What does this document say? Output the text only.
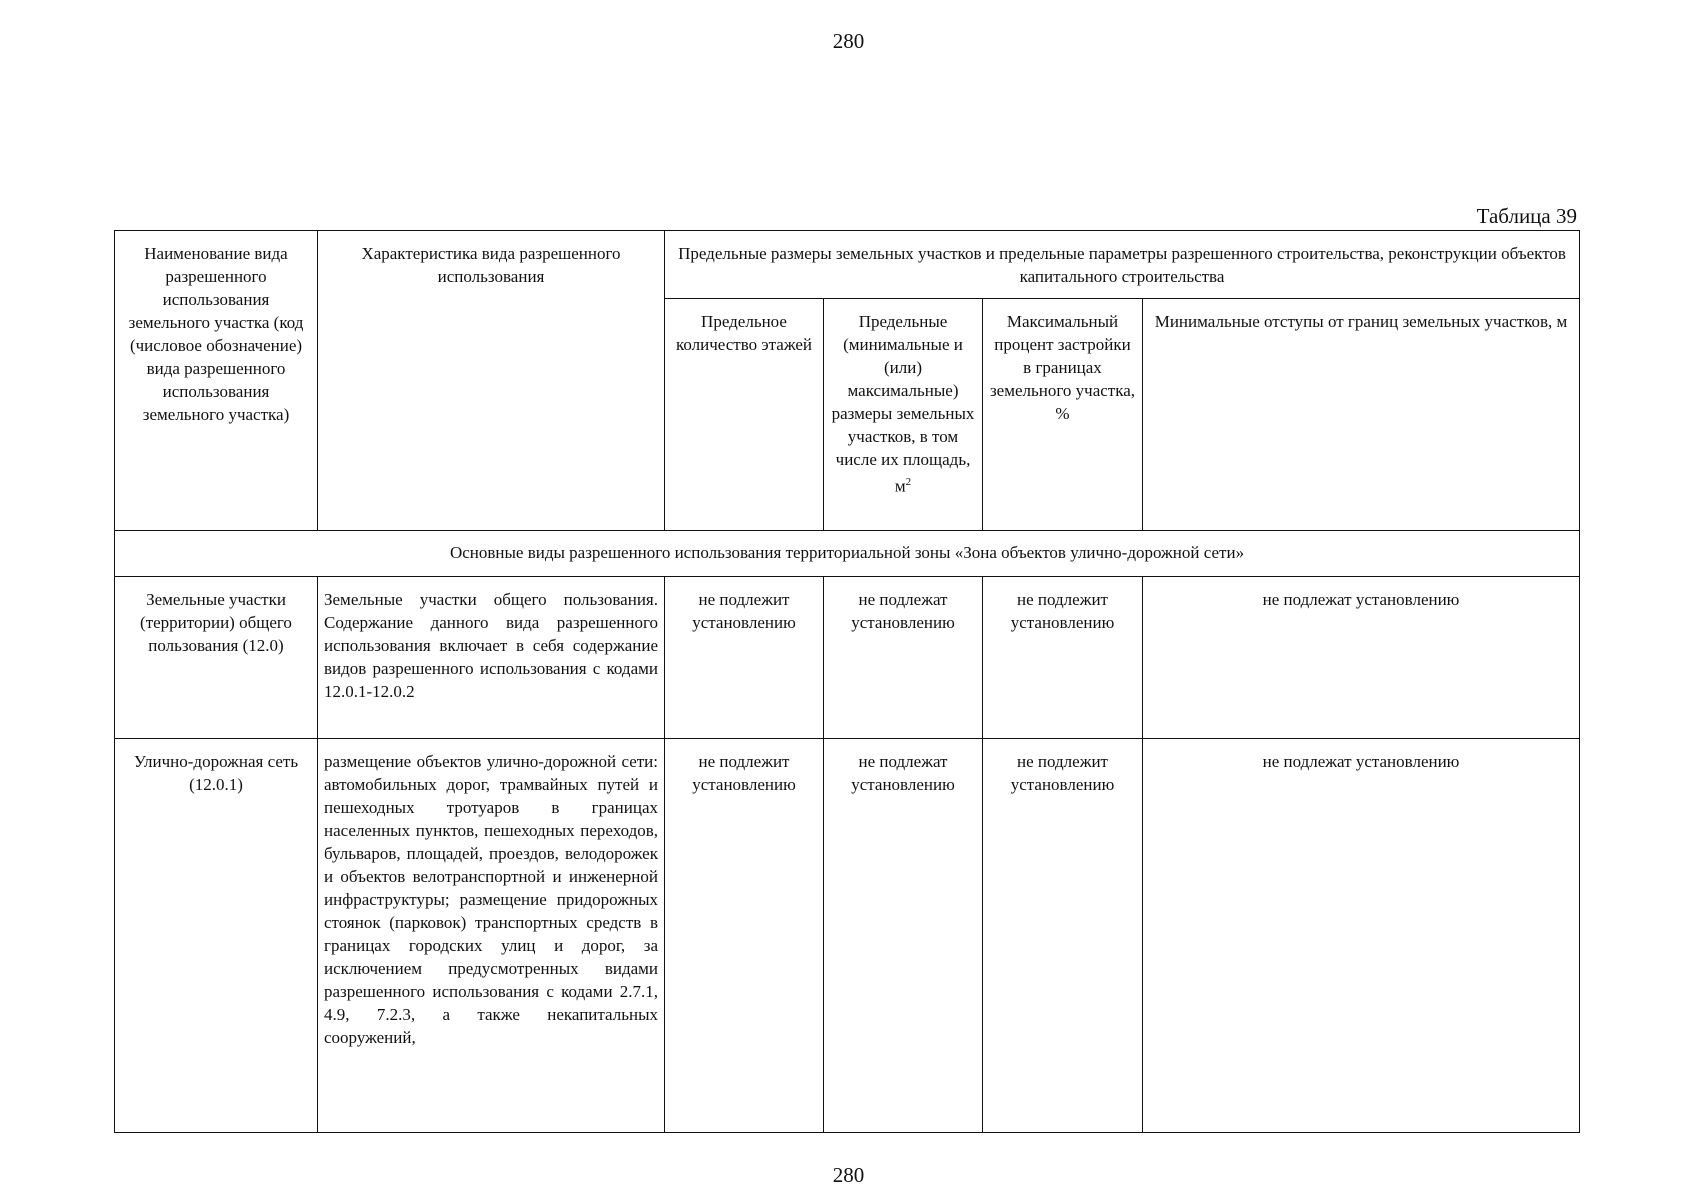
280
Таблица 39
Наименование вида разрешенного использования земельного участка (код (числовое обозначение) вида разрешенного использования земельного участка)	Характеристика вида разрешенного использования	Предельные размеры земельных участков и предельные параметры разрешенного строительства, реконструкции объектов капитального строительства			
		Предельное количество этажей	Предельные (минимальные и (или) максимальные) размеры земельных участков, в том числе их площадь, $м^2$	Максимальный процент застройки в границах земельного участка, %	Минимальные отступы от границ земельных участков, м
Основные виды разрешенного использования территориальной зоны «Зона объектов улично-дорожной сети»					
Земельные участки (территории) общего пользования (12.0)	Земельные участки общего пользования. Содержание данного вида разрешенного использования включает в себя содержание видов разрешенного использования с кодами 12.0.1-12.0.2	не подлежит установлению	не подлежат установлению	не подлежит установлению	не подлежат установлению
Улично-дорожная сеть (12.0.1)	размещение объектов улично-дорожной сети: автомобильных дорог, трамвайных путей и пешеходных тротуаров в границах населенных пунктов, пешеходных переходов, бульваров, площадей, проездов, велодорожек и объектов велотранспортной и инженерной инфраструктуры; размещение придорожных стоянок (парковок) транспортных средств в границах городских улиц и дорог, за исключением предусмотренных видами разрешенного использования с кодами 2.7.1, 4.9, 7.2.3, а также некапитальных сооружений,	не подлежит установлению	не подлежат установлению	не подлежит установлению	не подлежат установлению
280
